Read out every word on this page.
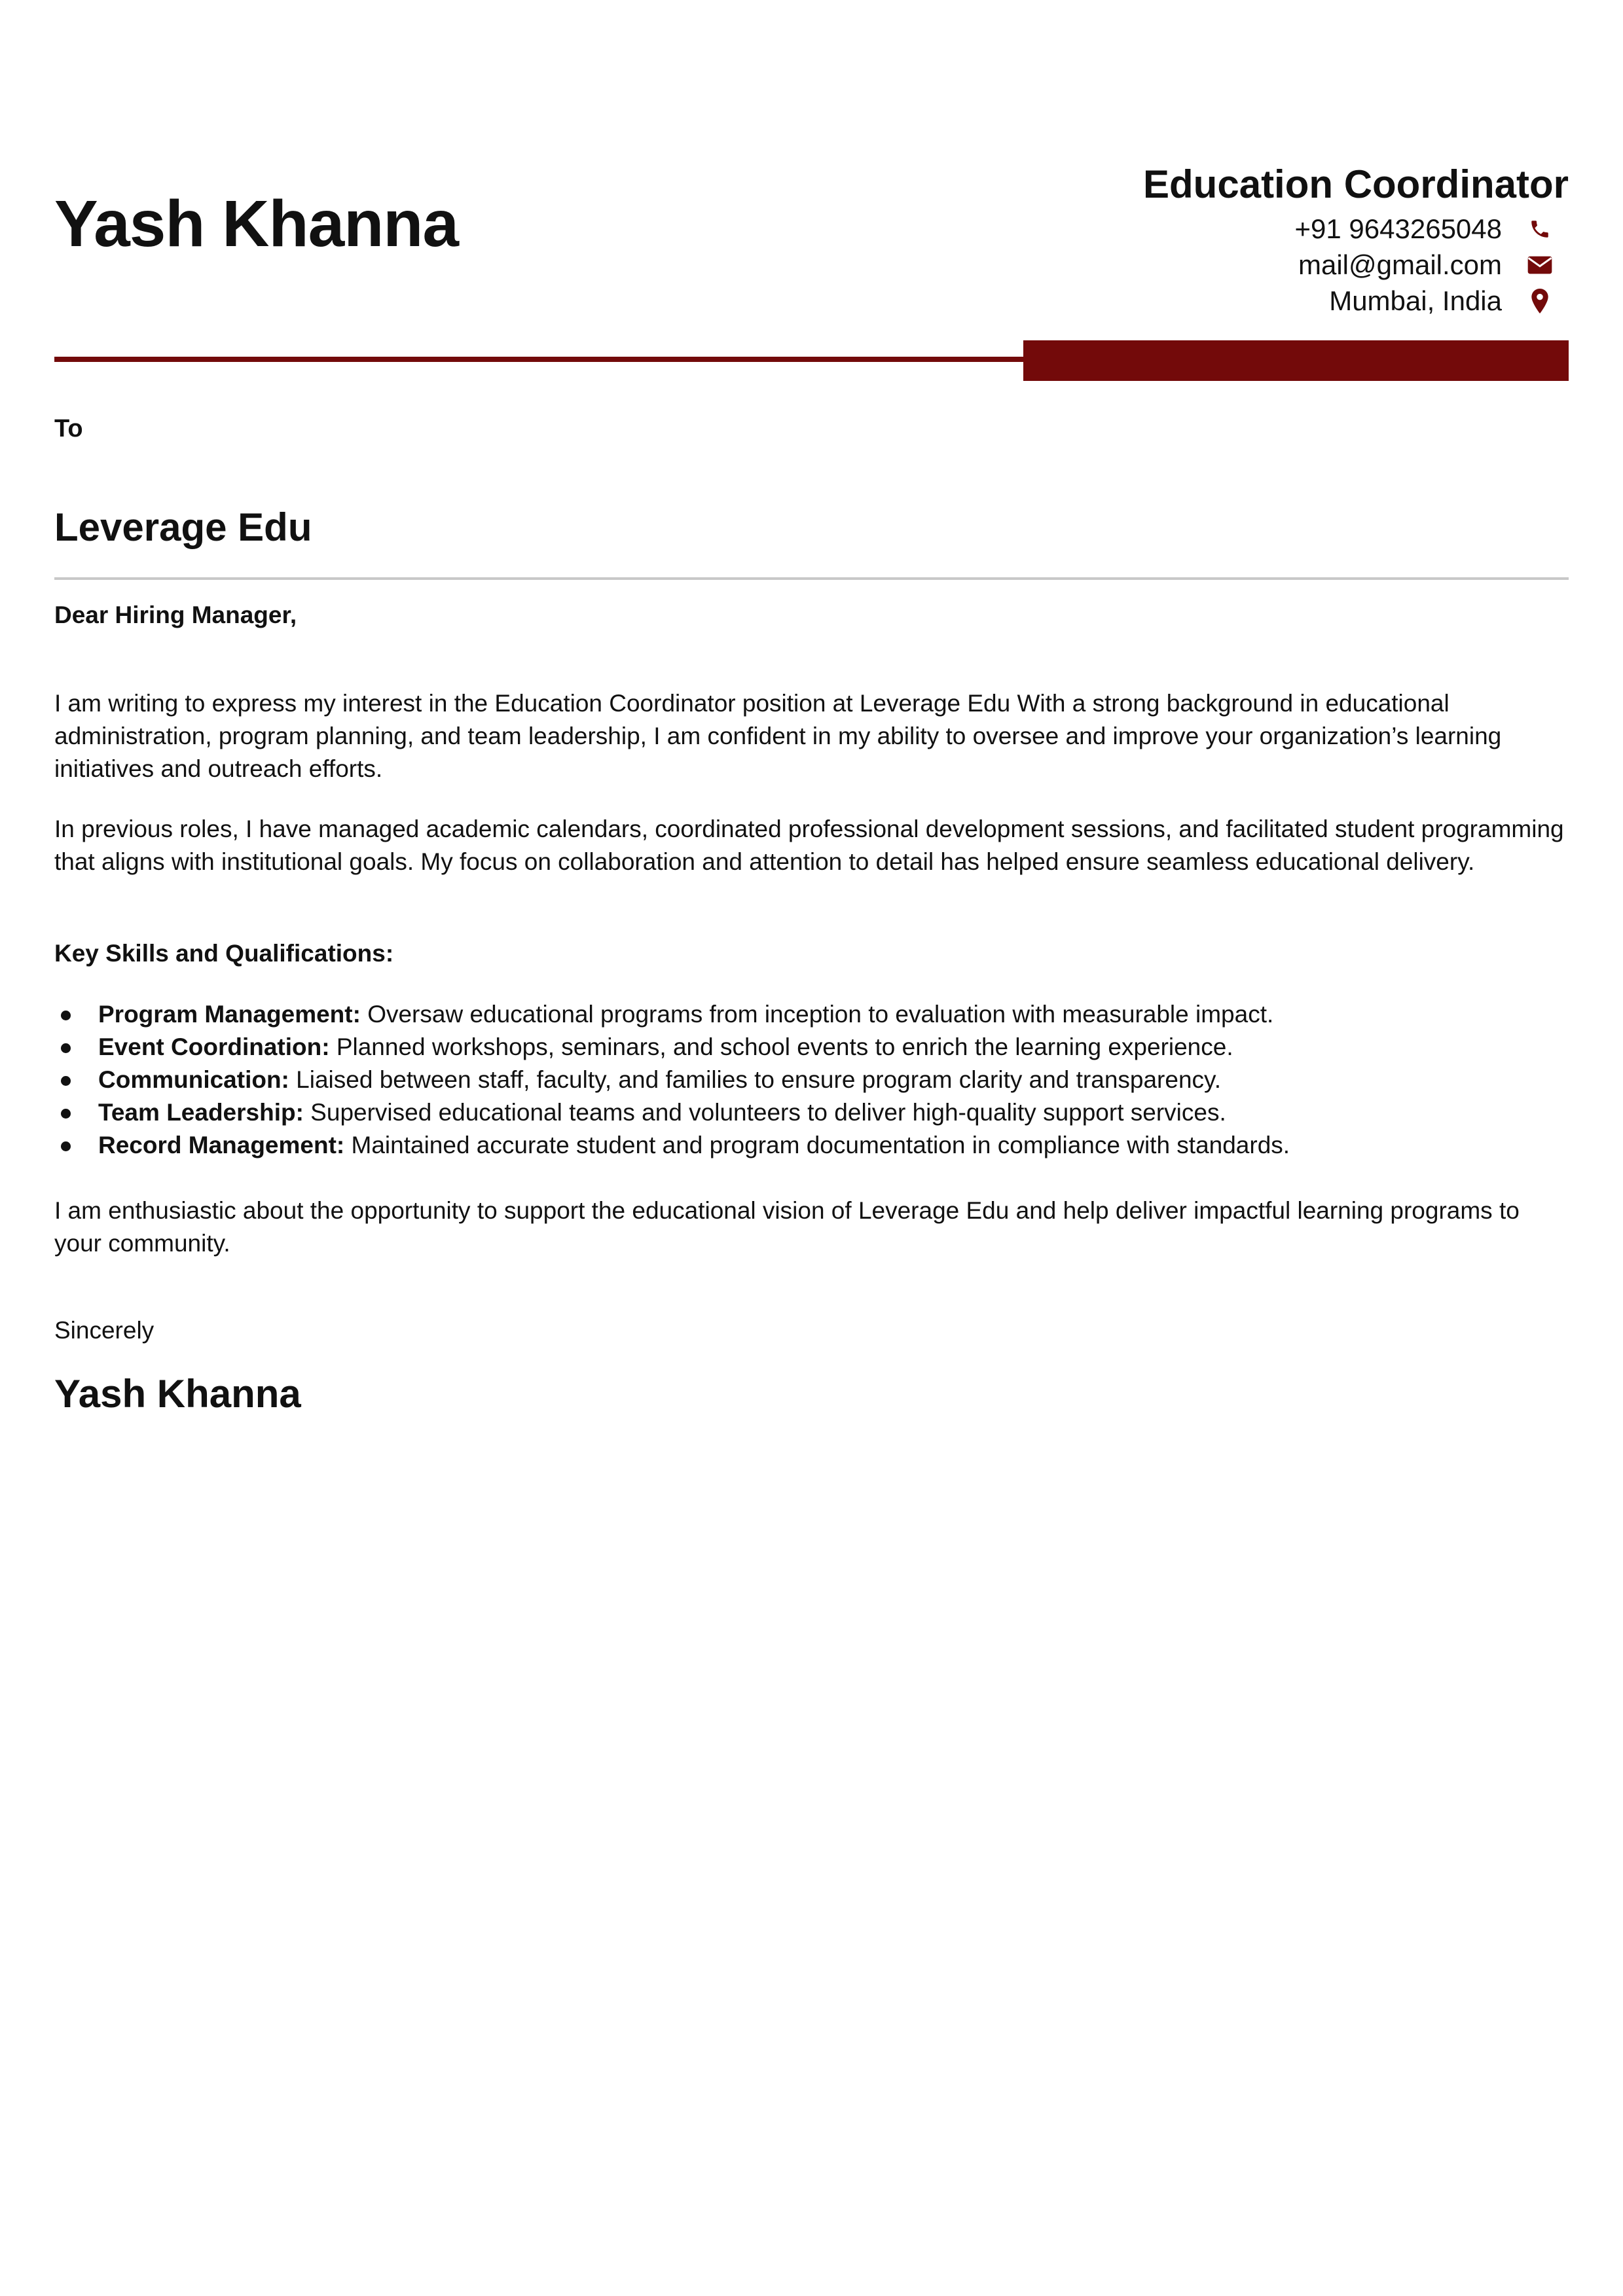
Yash Khanna
Education Coordinator
+91 9643265048
mail@gmail.com
Mumbai, India
To
Leverage Edu

Dear Hiring Manager,

I am writing to express my interest in the Education Coordinator position at Leverage Edu With a strong background in educational administration, program planning, and team leadership, I am confident in my ability to oversee and improve your organization’s learning initiatives and outreach efforts.

In previous roles, I have managed academic calendars, coordinated professional development sessions, and facilitated student programming that aligns with institutional goals. My focus on collaboration and attention to detail has helped ensure seamless educational delivery.

Key Skills and Qualifications:

Program Management: Oversaw educational programs from inception to evaluation with measurable impact.
Event Coordination: Planned workshops, seminars, and school events to enrich the learning experience.
Communication: Liaised between staff, faculty, and families to ensure program clarity and transparency.
Team Leadership: Supervised educational teams and volunteers to deliver high-quality support services.
Record Management: Maintained accurate student and program documentation in compliance with standards.

I am enthusiastic about the opportunity to support the educational vision of Leverage Edu and help deliver impactful learning programs to your community.

Sincerely

Yash Khanna
